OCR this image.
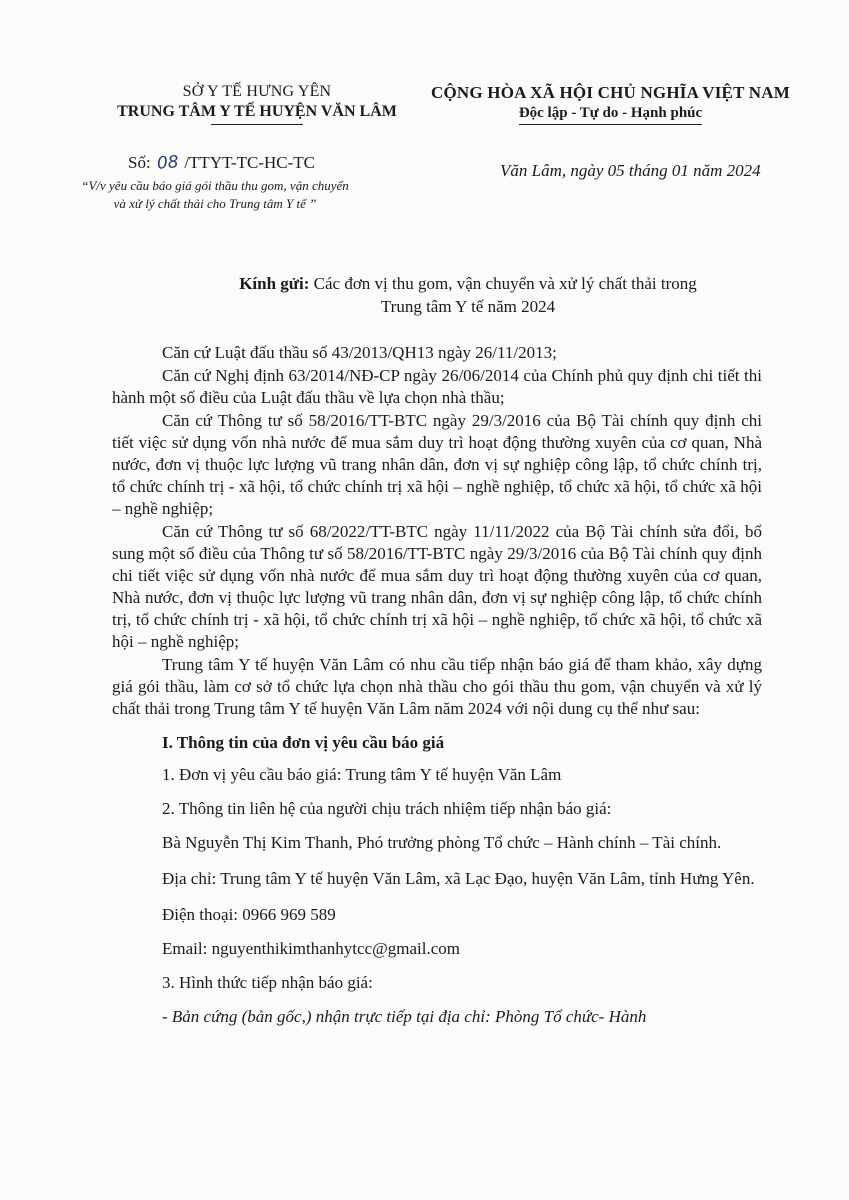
SỞ Y TẾ HƯNG YÊN
TRUNG TÂM Y TẾ HUYỆN VĂN LÂM
CỘNG HÒA XÃ HỘI CHỦ NGHĨA VIỆT NAM
Độc lập - Tự do - Hạnh phúc
Số: 08 /TTYT-TC-HC-TC
“V/v yêu cầu báo giá gói thầu thu gom, vận chuyển
và xử lý chất thải cho Trung tâm Y tế ”
Văn Lâm, ngày 05 tháng 01 năm 2024
Kính gửi: Các đơn vị thu gom, vận chuyển và xử lý chất thải trong
Trung tâm Y tế năm 2024

Căn cứ Luật đấu thầu số 43/2013/QH13 ngày 26/11/2013;

Căn cứ Nghị định 63/2014/NĐ-CP ngày 26/06/2014 của Chính phủ quy định chi tiết thi hành một số điều của Luật đấu thầu về lựa chọn nhà thầu;

Căn cứ Thông tư số 58/2016/TT-BTC ngày 29/3/2016 của Bộ Tài chính quy định chi tiết việc sử dụng vốn nhà nước để mua sắm duy trì hoạt động thường xuyên của cơ quan, Nhà nước, đơn vị thuộc lực lượng vũ trang nhân dân, đơn vị sự nghiệp công lập, tổ chức chính trị, tổ chức chính trị - xã hội, tổ chức chính trị xã hội – nghề nghiệp, tổ chức xã hội, tổ chức xã hội – nghề nghiệp;

Căn cứ Thông tư số 68/2022/TT-BTC ngày 11/11/2022 của Bộ Tài chính sửa đổi, bổ sung một số điều của Thông tư số 58/2016/TT-BTC ngày 29/3/2016 của Bộ Tài chính quy định chi tiết việc sử dụng vốn nhà nước để mua sắm duy trì hoạt động thường xuyên của cơ quan, Nhà nước, đơn vị thuộc lực lượng vũ trang nhân dân, đơn vị sự nghiệp công lập, tổ chức chính trị, tổ chức chính trị - xã hội, tổ chức chính trị xã hội – nghề nghiệp, tổ chức xã hội, tổ chức xã hội – nghề nghiệp;

Trung tâm Y tế huyện Văn Lâm có nhu cầu tiếp nhận báo giá để tham khảo, xây dựng giá gói thầu, làm cơ sở tổ chức lựa chọn nhà thầu cho gói thầu thu gom, vận chuyển và xử lý chất thải trong Trung tâm Y tế huyện Văn Lâm năm 2024 với nội dung cụ thể như sau:

I. Thông tin của đơn vị yêu cầu báo giá
1. Đơn vị yêu cầu báo giá: Trung tâm Y tế huyện Văn Lâm
2. Thông tin liên hệ của người chịu trách nhiệm tiếp nhận báo giá:
Bà Nguyễn Thị Kim Thanh, Phó trưởng phòng Tổ chức – Hành chính – Tài chính.
Địa chỉ: Trung tâm Y tế huyện Văn Lâm, xã Lạc Đạo, huyện Văn Lâm, tỉnh Hưng Yên.
Điện thoại: 0966 969 589
Email: nguyenthikimthanhytcc@gmail.com
3. Hình thức tiếp nhận báo giá:
- Bản cứng (bản gốc,) nhận trực tiếp tại địa chỉ: Phòng Tổ chức- Hành
